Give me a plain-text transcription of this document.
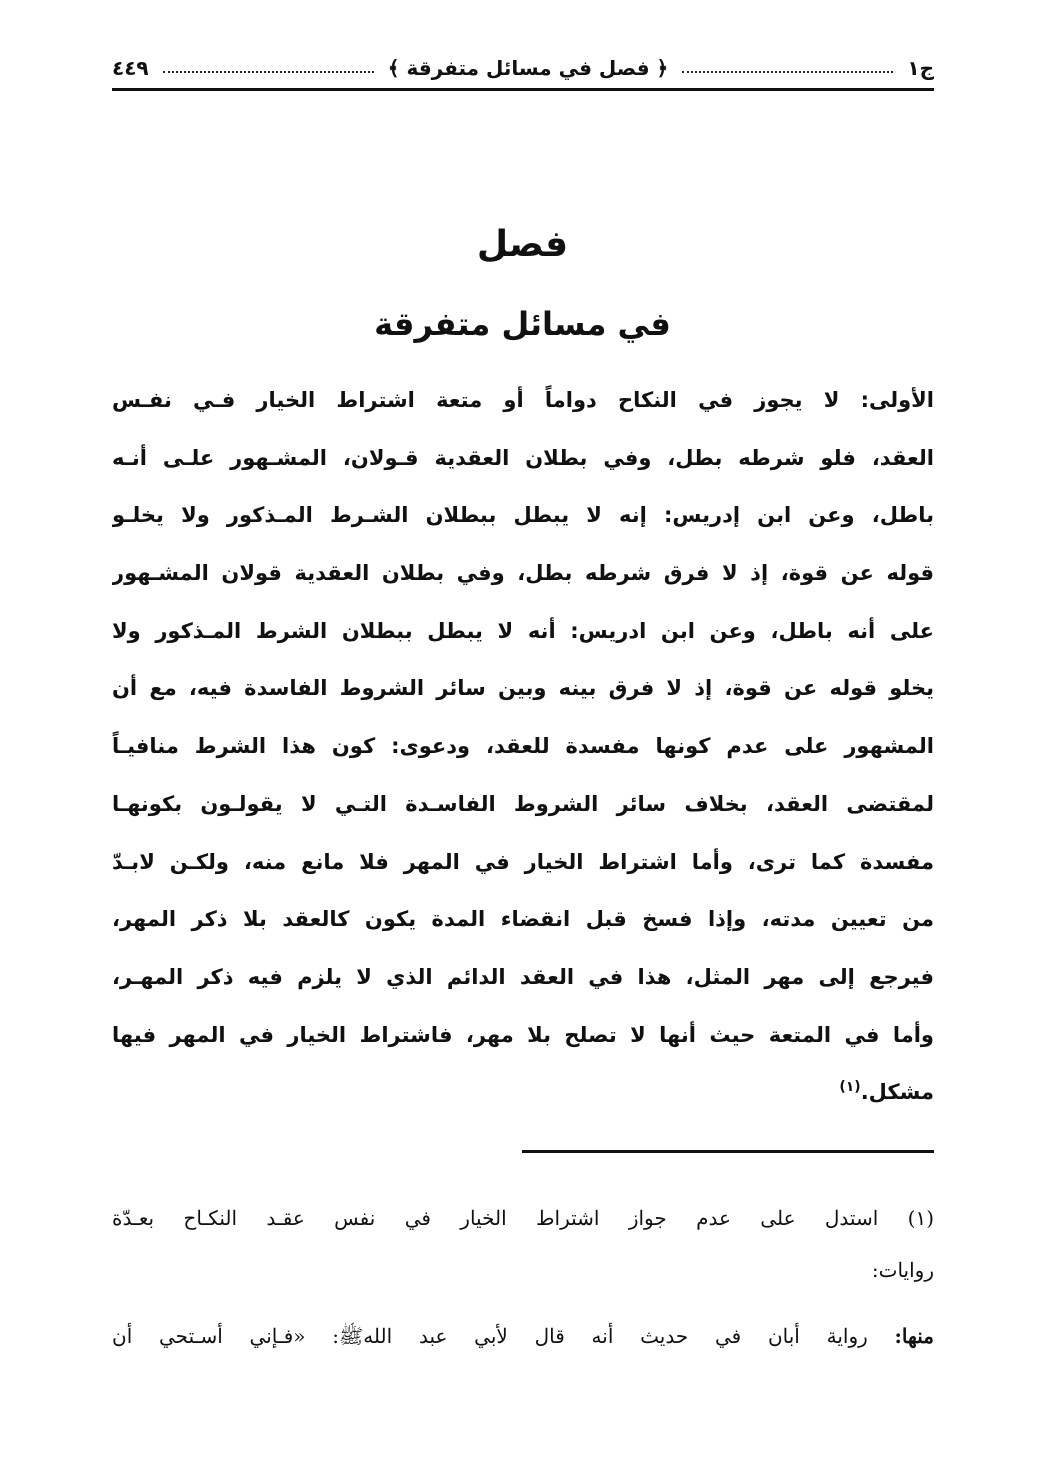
ج١
﴿ فصل في مسائل متفرقة ﴾
٤٤٩
فصل
في مسائل متفرقة
الأولى: لا يجوز في النكاح دواماً أو متعة اشتراط الخيار فـي نفـس
العقد، فلو شرطه بطل، وفي بطلان العقدية قـولان، المشـهور علـى أنـه
باطل، وعن ابن إدريس: إنه لا يبطل ببطلان الشـرط المـذكور ولا يخلـو
قوله عن قوة، إذ لا فرق شرطه بطل، وفي بطلان العقدية قولان المشـهور
على أنه باطل، وعن ابن ادريس: أنه لا يبطل ببطلان الشرط المـذكور ولا
يخلو قوله عن قوة، إذ لا فرق بينه وبين سائر الشروط الفاسدة فيه، مع أن
المشهور على عدم كونها مفسدة للعقد، ودعوى: كون هذا الشرط منافيـاً
لمقتضى العقد، بخلاف سائر الشروط الفاسـدة التـي لا يقولـون بكونهـا
مفسدة كما ترى، وأما اشتراط الخيار في المهر فلا مانع منه، ولكـن لابـدّ
من تعيين مدته، وإذا فسخ قبل انقضاء المدة يكون كالعقد بلا ذكر المهر،
فيرجع إلى مهر المثل، هذا في العقد الدائم الذي لا يلزم فيه ذكر المهـر،
وأما في المتعة حيث أنها لا تصلح بلا مهر، فاشتراط الخيار في المهر فيها
مشكل.$^{(١)}$
(١) استدل على عدم جواز اشتراط الخيار في نفس عقـد النكـاح بعـدّة
روايات:
منها: رواية أبان في حديث أنه قال لأبي عبد اللهﷺ: «فـإني أسـتحي أن
